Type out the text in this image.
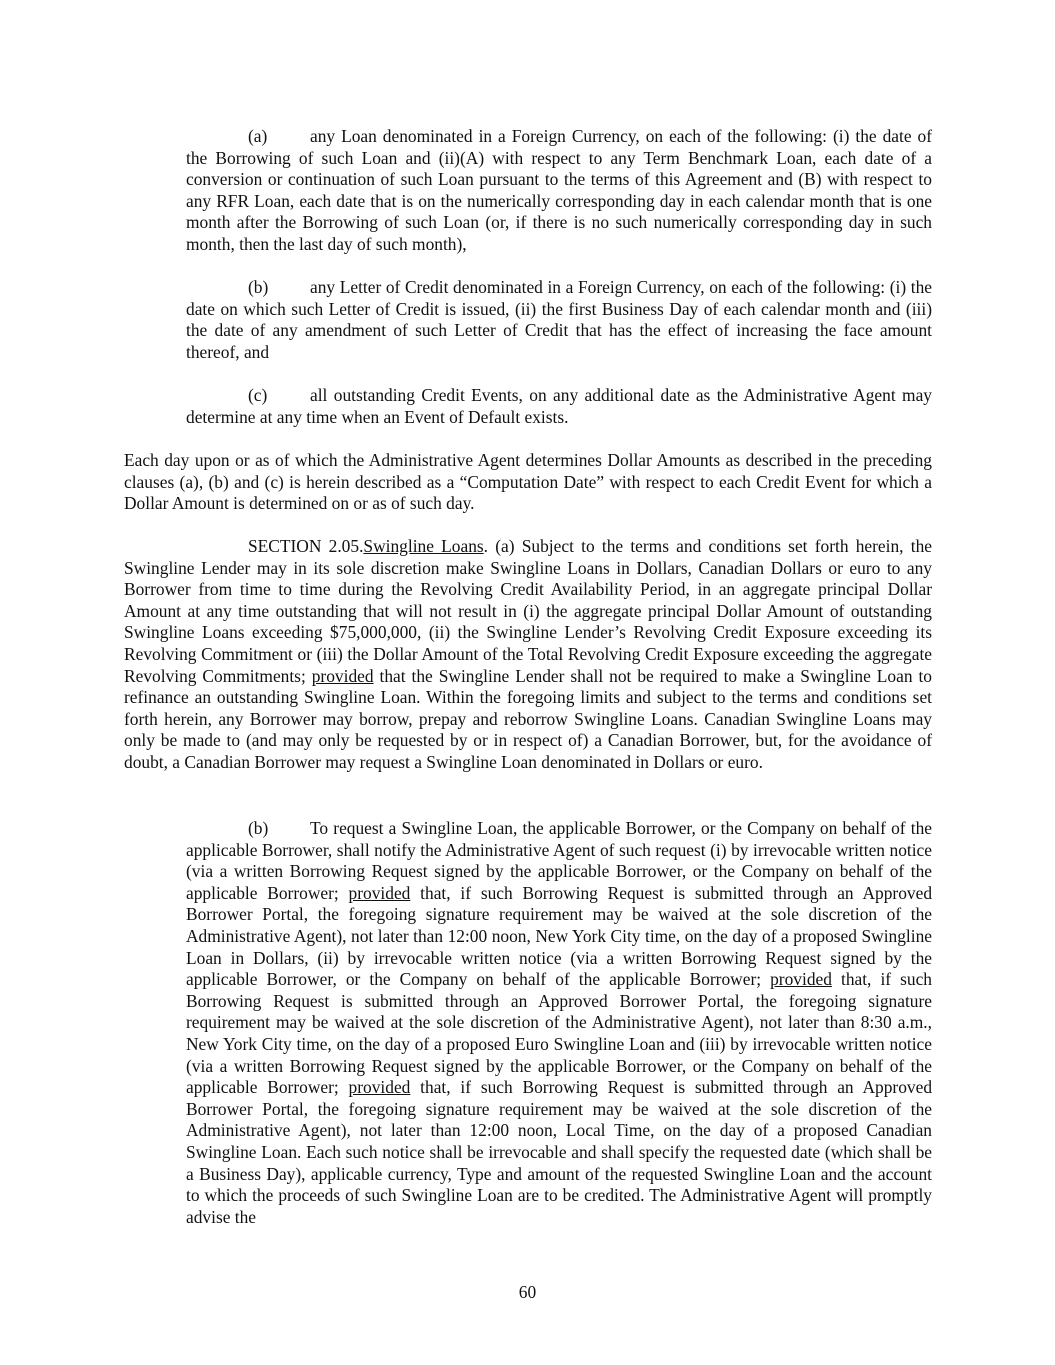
(a) any Loan denominated in a Foreign Currency, on each of the following: (i) the date of the Borrowing of such Loan and (ii)(A) with respect to any Term Benchmark Loan, each date of a conversion or continuation of such Loan pursuant to the terms of this Agreement and (B) with respect to any RFR Loan, each date that is on the numerically corresponding day in each calendar month that is one month after the Borrowing of such Loan (or, if there is no such numerically corresponding day in such month, then the last day of such month),

(b) any Letter of Credit denominated in a Foreign Currency, on each of the following: (i) the date on which such Letter of Credit is issued, (ii) the first Business Day of each calendar month and (iii) the date of any amendment of such Letter of Credit that has the effect of increasing the face amount thereof, and

(c) all outstanding Credit Events, on any additional date as the Administrative Agent may determine at any time when an Event of Default exists.

Each day upon or as of which the Administrative Agent determines Dollar Amounts as described in the preceding clauses (a), (b) and (c) is herein described as a “Computation Date” with respect to each Credit Event for which a Dollar Amount is determined on or as of such day.

SECTION 2.05.Swingline Loans. (a) Subject to the terms and conditions set forth herein, the Swingline Lender may in its sole discretion make Swingline Loans in Dollars, Canadian Dollars or euro to any Borrower from time to time during the Revolving Credit Availability Period, in an aggregate principal Dollar Amount at any time outstanding that will not result in (i) the aggregate principal Dollar Amount of outstanding Swingline Loans exceeding $75,000,000, (ii) the Swingline Lender’s Revolving Credit Exposure exceeding its Revolving Commitment or (iii) the Dollar Amount of the Total Revolving Credit Exposure exceeding the aggregate Revolving Commitments; provided that the Swingline Lender shall not be required to make a Swingline Loan to refinance an outstanding Swingline Loan. Within the foregoing limits and subject to the terms and conditions set forth herein, any Borrower may borrow, prepay and reborrow Swingline Loans. Canadian Swingline Loans may only be made to (and may only be requested by or in respect of) a Canadian Borrower, but, for the avoidance of doubt, a Canadian Borrower may request a Swingline Loan denominated in Dollars or euro.

(b) To request a Swingline Loan, the applicable Borrower, or the Company on behalf of the applicable Borrower, shall notify the Administrative Agent of such request (i) by irrevocable written notice (via a written Borrowing Request signed by the applicable Borrower, or the Company on behalf of the applicable Borrower; provided that, if such Borrowing Request is submitted through an Approved Borrower Portal, the foregoing signature requirement may be waived at the sole discretion of the Administrative Agent), not later than 12:00 noon, New York City time, on the day of a proposed Swingline Loan in Dollars, (ii) by irrevocable written notice (via a written Borrowing Request signed by the applicable Borrower, or the Company on behalf of the applicable Borrower; provided that, if such Borrowing Request is submitted through an Approved Borrower Portal, the foregoing signature requirement may be waived at the sole discretion of the Administrative Agent), not later than 8:30 a.m., New York City time, on the day of a proposed Euro Swingline Loan and (iii) by irrevocable written notice (via a written Borrowing Request signed by the applicable Borrower, or the Company on behalf of the applicable Borrower; provided that, if such Borrowing Request is submitted through an Approved Borrower Portal, the foregoing signature requirement may be waived at the sole discretion of the Administrative Agent), not later than 12:00 noon, Local Time, on the day of a proposed Canadian Swingline Loan. Each such notice shall be irrevocable and shall specify the requested date (which shall be a Business Day), applicable currency, Type and amount of the requested Swingline Loan and the account to which the proceeds of such Swingline Loan are to be credited. The Administrative Agent will promptly advise the

60
